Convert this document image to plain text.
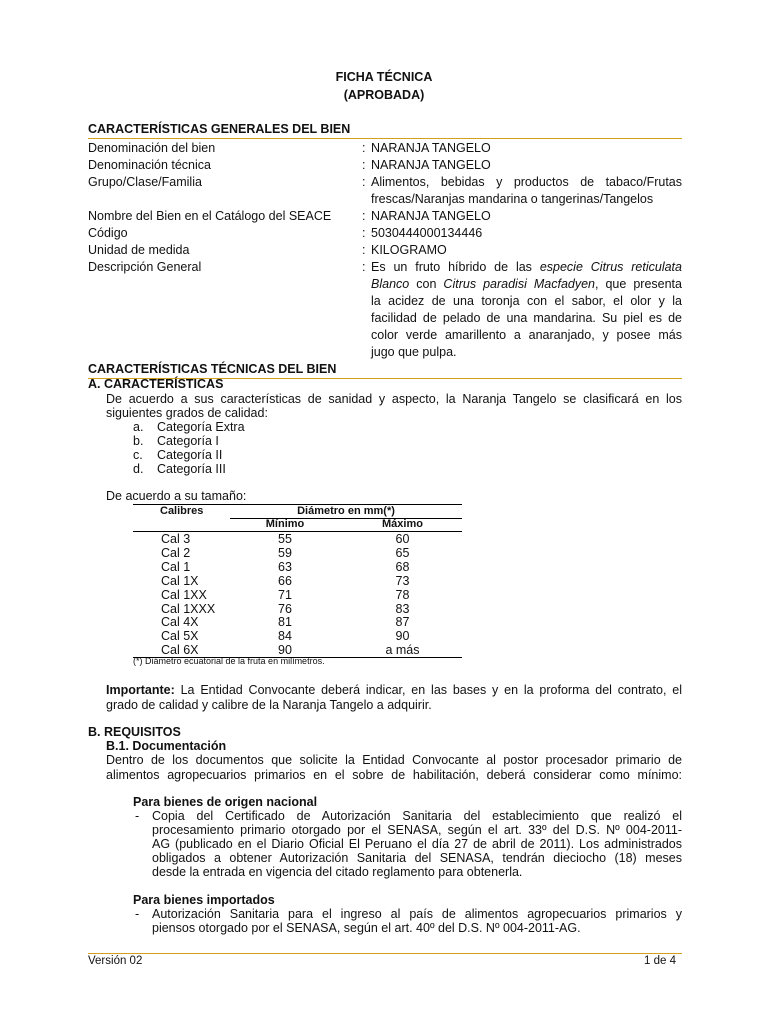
FICHA TÉCNICA
(APROBADA)
CARACTERÍSTICAS GENERALES DEL BIEN
Denominación del bien	: NARANJA TANGELO
Denominación técnica	: NARANJA TANGELO
Grupo/Clase/Familia	: Alimentos, bebidas y productos de tabaco/Frutas
frescas/Naranjas mandarina o tangerinas/Tangelos
Nombre del Bien en el Catálogo del SEACE : NARANJA TANGELO
Código	: 5030444000134446
Unidad de medida	: KILOGRAMO
Descripción General	: Es un fruto híbrido de las especie Citrus reticulata
Blanco con Citrus paradisi Macfadyen, que presenta
la acidez de una toronja con el sabor, el olor y la
facilidad de pelado de una mandarina. Su piel es de
color verde amarillento a anaranjado, y posee más
jugo que pulpa.
CARACTERÍSTICAS TÉCNICAS DEL BIEN
A. CARACTERÍSTICAS
De acuerdo a sus características de sanidad y aspecto, la Naranja Tangelo se clasificará en los
siguientes grados de calidad:
a. Categoría Extra
b. Categoría I
c. Categoría II
d. Categoría III
De acuerdo a su tamaño:
Calibres	Diámetro en mm(*)
Mínimo	Máximo
Cal 3	55	60
Cal 2	59	65
Cal 1	63	68
Cal 1X	66	73
Cal 1XX	71	78
Cal 1XXX	76	83
Cal 4X	81	87
Cal 5X	84	90
Cal 6X	90	a más
(*) Diámetro ecuatorial de la fruta en milímetros.
Importante: La Entidad Convocante deberá indicar, en las bases y en la proforma del contrato, el
grado de calidad y calibre de la Naranja Tangelo a adquirir.
B. REQUISITOS
B.1. Documentación
Dentro de los documentos que solicite la Entidad Convocante al postor procesador primario de
alimentos agropecuarios primarios en el sobre de habilitación, deberá considerar como mínimo:
Para bienes de origen nacional
- Copia del Certificado de Autorización Sanitaria del establecimiento que realizó el
procesamiento primario otorgado por el SENASA, según el art. 33º del D.S. Nº 004-2011-
AG (publicado en el Diario Oficial El Peruano el día 27 de abril de 2011). Los administrados
obligados a obtener Autorización Sanitaria del SENASA, tendrán dieciocho (18) meses
desde la entrada en vigencia del citado reglamento para obtenerla.
Para bienes importados
- Autorización Sanitaria para el ingreso al país de alimentos agropecuarios primarios y
piensos otorgado por el SENASA, según el art. 40º del D.S. Nº 004-2011-AG.
Versión 02	1 de 4
